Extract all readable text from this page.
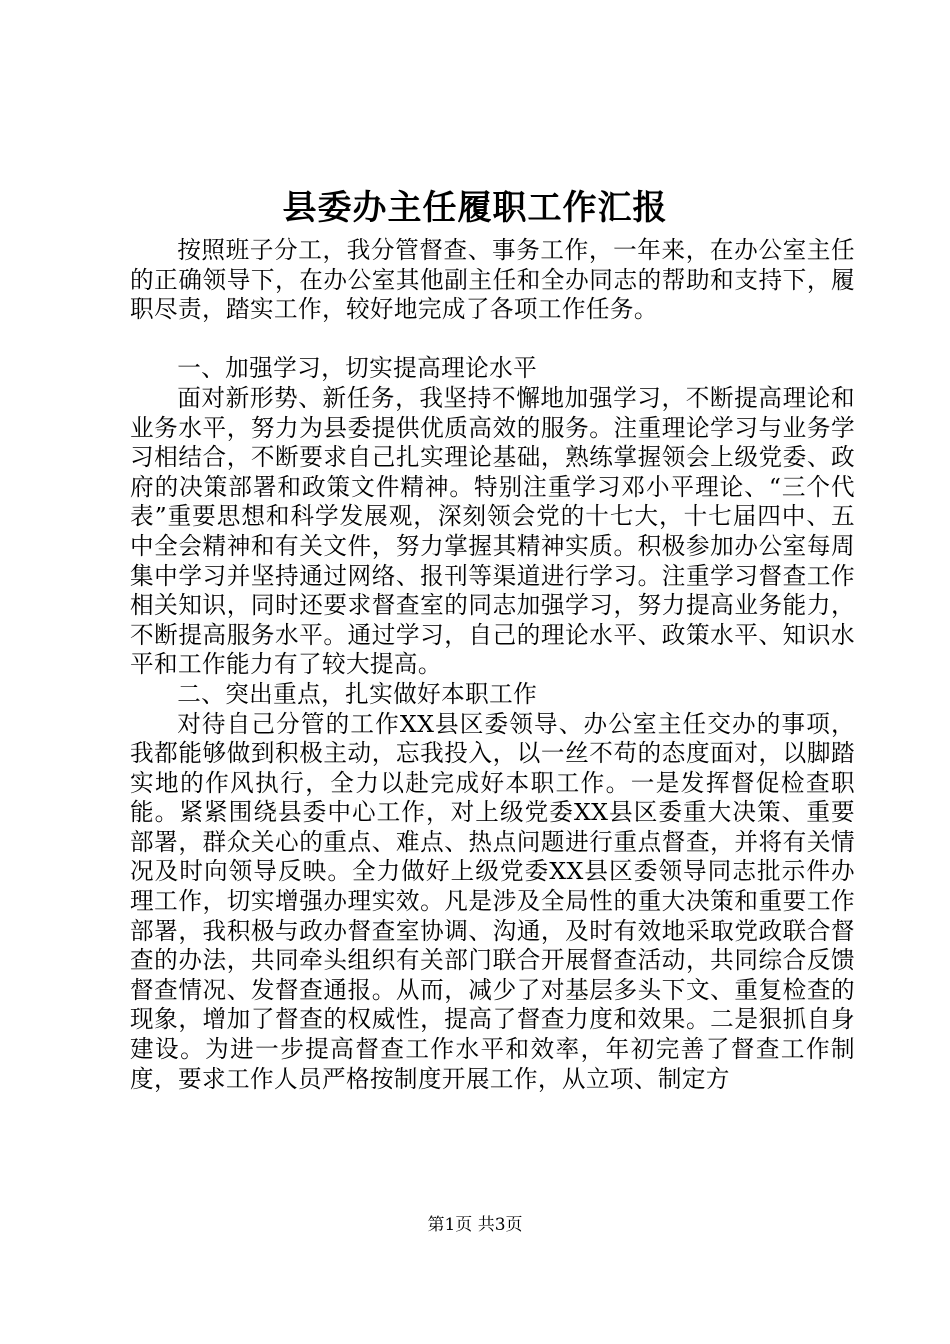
县委办主任履职工作汇报

按照班子分工，我分管督查、事务工作，一年来，在办公室主任的正确领导下，在办公室其他副主任和全办同志的帮助和支持下，履职尽责，踏实工作，较好地完成了各项工作任务。

一、加强学习，切实提高理论水平

面对新形势、新任务，我坚持不懈地加强学习，不断提高理论和业务水平，努力为县委提供优质高效的服务。注重理论学习与业务学习相结合，不断要求自己扎实理论基础，熟练掌握领会上级党委、政府的决策部署和政策文件精神。特别注重学习邓小平理论、“三个代表”重要思想和科学发展观，深刻领会党的十七大，十七届四中、五中全会精神和有关文件，努力掌握其精神实质。积极参加办公室每周集中学习并坚持通过网络、报刊等渠道进行学习。注重学习督查工作相关知识，同时还要求督查室的同志加强学习，努力提高业务能力，不断提高服务水平。通过学习，自己的理论水平、政策水平、知识水平和工作能力有了较大提高。

二、突出重点，扎实做好本职工作

对待自己分管的工作XX县区委领导、办公室主任交办的事项，我都能够做到积极主动，忘我投入，以一丝不苟的态度面对，以脚踏实地的作风执行，全力以赴完成好本职工作。一是发挥督促检查职能。紧紧围绕县委中心工作，对上级党委XX县区委重大决策、重要部署，群众关心的重点、难点、热点问题进行重点督查，并将有关情况及时向领导反映。全力做好上级党委XX县区委领导同志批示件办理工作，切实增强办理实效。凡是涉及全局性的重大决策和重要工作部署，我积极与政办督查室协调、沟通，及时有效地采取党政联合督查的办法，共同牵头组织有关部门联合开展督查活动，共同综合反馈督查情况、发督查通报。从而，减少了对基层多头下文、重复检查的现象，增加了督查的权威性，提高了督查力度和效果。二是狠抓自身建设。为进一步提高督查工作水平和效率，年初完善了督查工作制度，要求工作人员严格按制度开展工作，从立项、制定方

第1页 共3页
